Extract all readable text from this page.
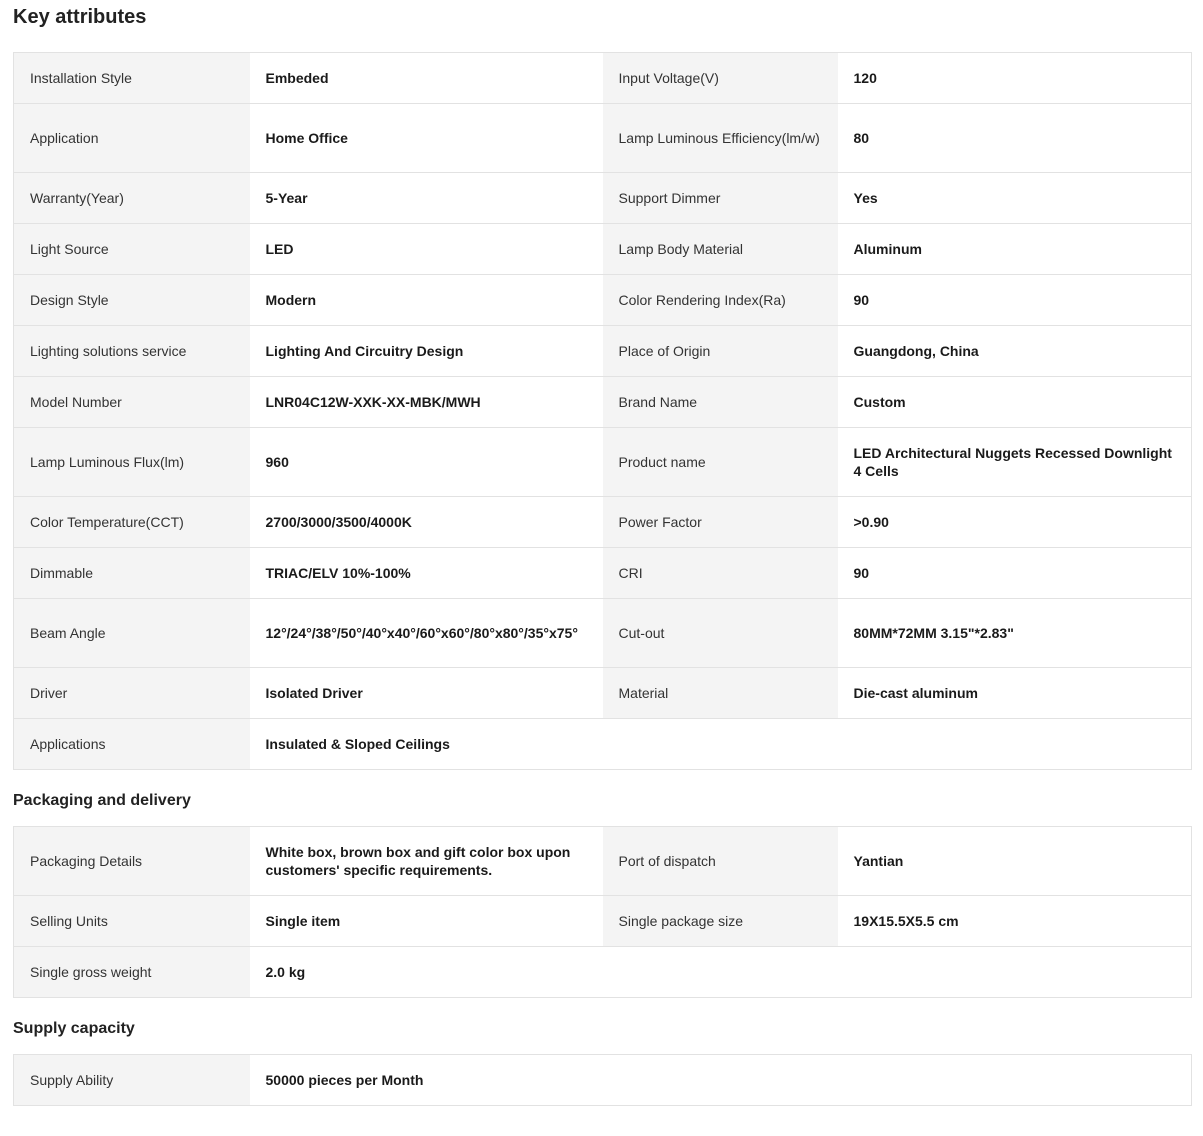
Key attributes
Installation Style	Embeded	Input Voltage(V)	120
Application	Home Office	Lamp Luminous Efficiency(lm/w)	80
Warranty(Year)	5-Year	Support Dimmer	Yes
Light Source	LED	Lamp Body Material	Aluminum
Design Style	Modern	Color Rendering Index(Ra)	90
Lighting solutions service	Lighting And Circuitry Design	Place of Origin	Guangdong, China
Model Number	LNR04C12W-XXK-XX-MBK/MWH	Brand Name	Custom
Lamp Luminous Flux(lm)	960	Product name	LED Architectural Nuggets Recessed Downlight 4 Cells
Color Temperature(CCT)	2700/3000/3500/4000K	Power Factor	>0.90
Dimmable	TRIAC/ELV 10%-100%	CRI	90
Beam Angle	12°/24°/38°/50°/40°x40°/60°x60°/80°x80°/35°x75°	Cut-out	80MM*72MM 3.15"*2.83"
Driver	Isolated Driver	Material	Die-cast aluminum
Applications	Insulated & Sloped Ceilings		
Packaging and delivery
Packaging Details	White box, brown box and gift color box upon customers' specific requirements.	Port of dispatch	Yantian
Selling Units	Single item	Single package size	19X15.5X5.5 cm
Single gross weight	2.0 kg		
Supply capacity
Supply Ability	50000 pieces per Month		
